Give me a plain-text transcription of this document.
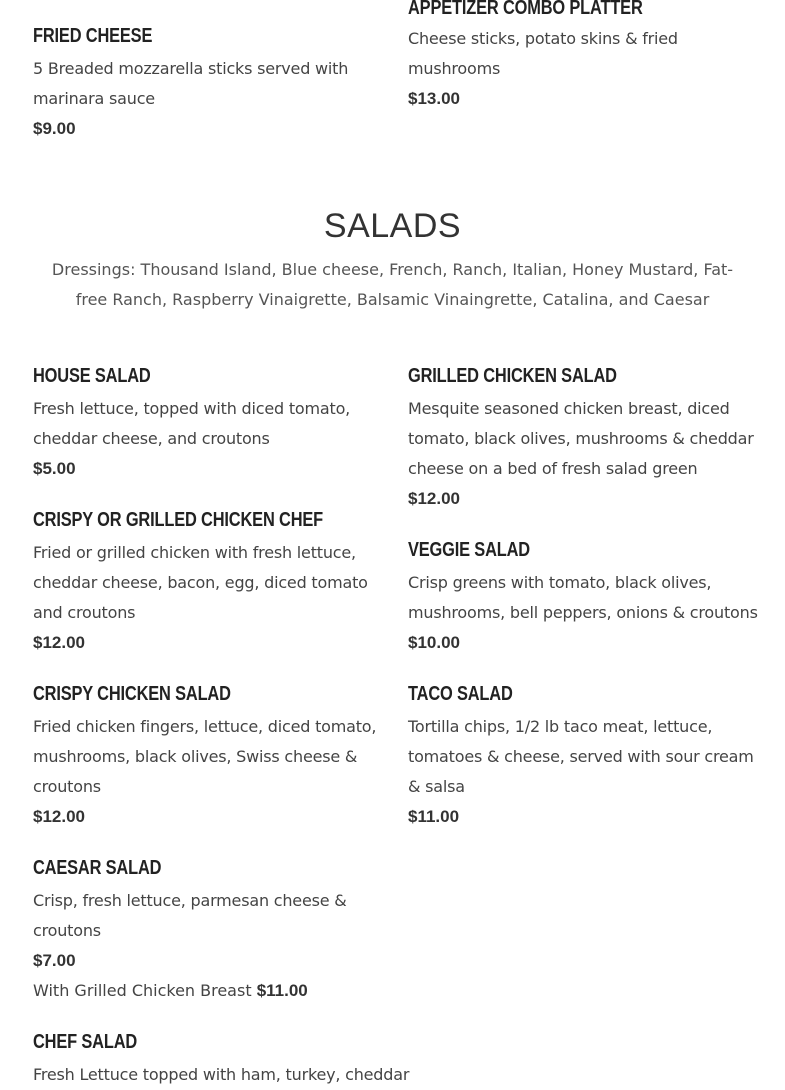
FRIED CHEESE

5 Breaded mozzarella sticks served with marinara sauce

$9.00

APPETIZER COMBO PLATTER

Cheese sticks, potato skins & fried mushrooms

$13.00

SALADS

Dressings: Thousand Island, Blue cheese, French, Ranch, Italian, Honey Mustard, Fat-free Ranch, Raspberry Vinaigrette, Balsamic Vinaingrette, Catalina, and Caesar

HOUSE SALAD

Fresh lettuce, topped with diced tomato, cheddar cheese, and croutons

$5.00

CRISPY OR GRILLED CHICKEN CHEF

Fried or grilled chicken with fresh lettuce, cheddar cheese, bacon, egg, diced tomato and croutons

$12.00

CRISPY CHICKEN SALAD

Fried chicken fingers, lettuce, diced tomato, mushrooms, black olives, Swiss cheese & croutons

$12.00

CAESAR SALAD

Crisp, fresh lettuce, parmesan cheese & croutons

$7.00

With Grilled Chicken Breast $11.00

CHEF SALAD

Fresh Lettuce topped with ham, turkey, cheddar

GRILLED CHICKEN SALAD

Mesquite seasoned chicken breast, diced tomato, black olives, mushrooms & cheddar cheese on a bed of fresh salad green

$12.00

VEGGIE SALAD

Crisp greens with tomato, black olives, mushrooms, bell peppers, onions & croutons

$10.00

TACO SALAD

Tortilla chips, 1/2 lb taco meat, lettuce, tomatoes & cheese, served with sour cream & salsa

$11.00
